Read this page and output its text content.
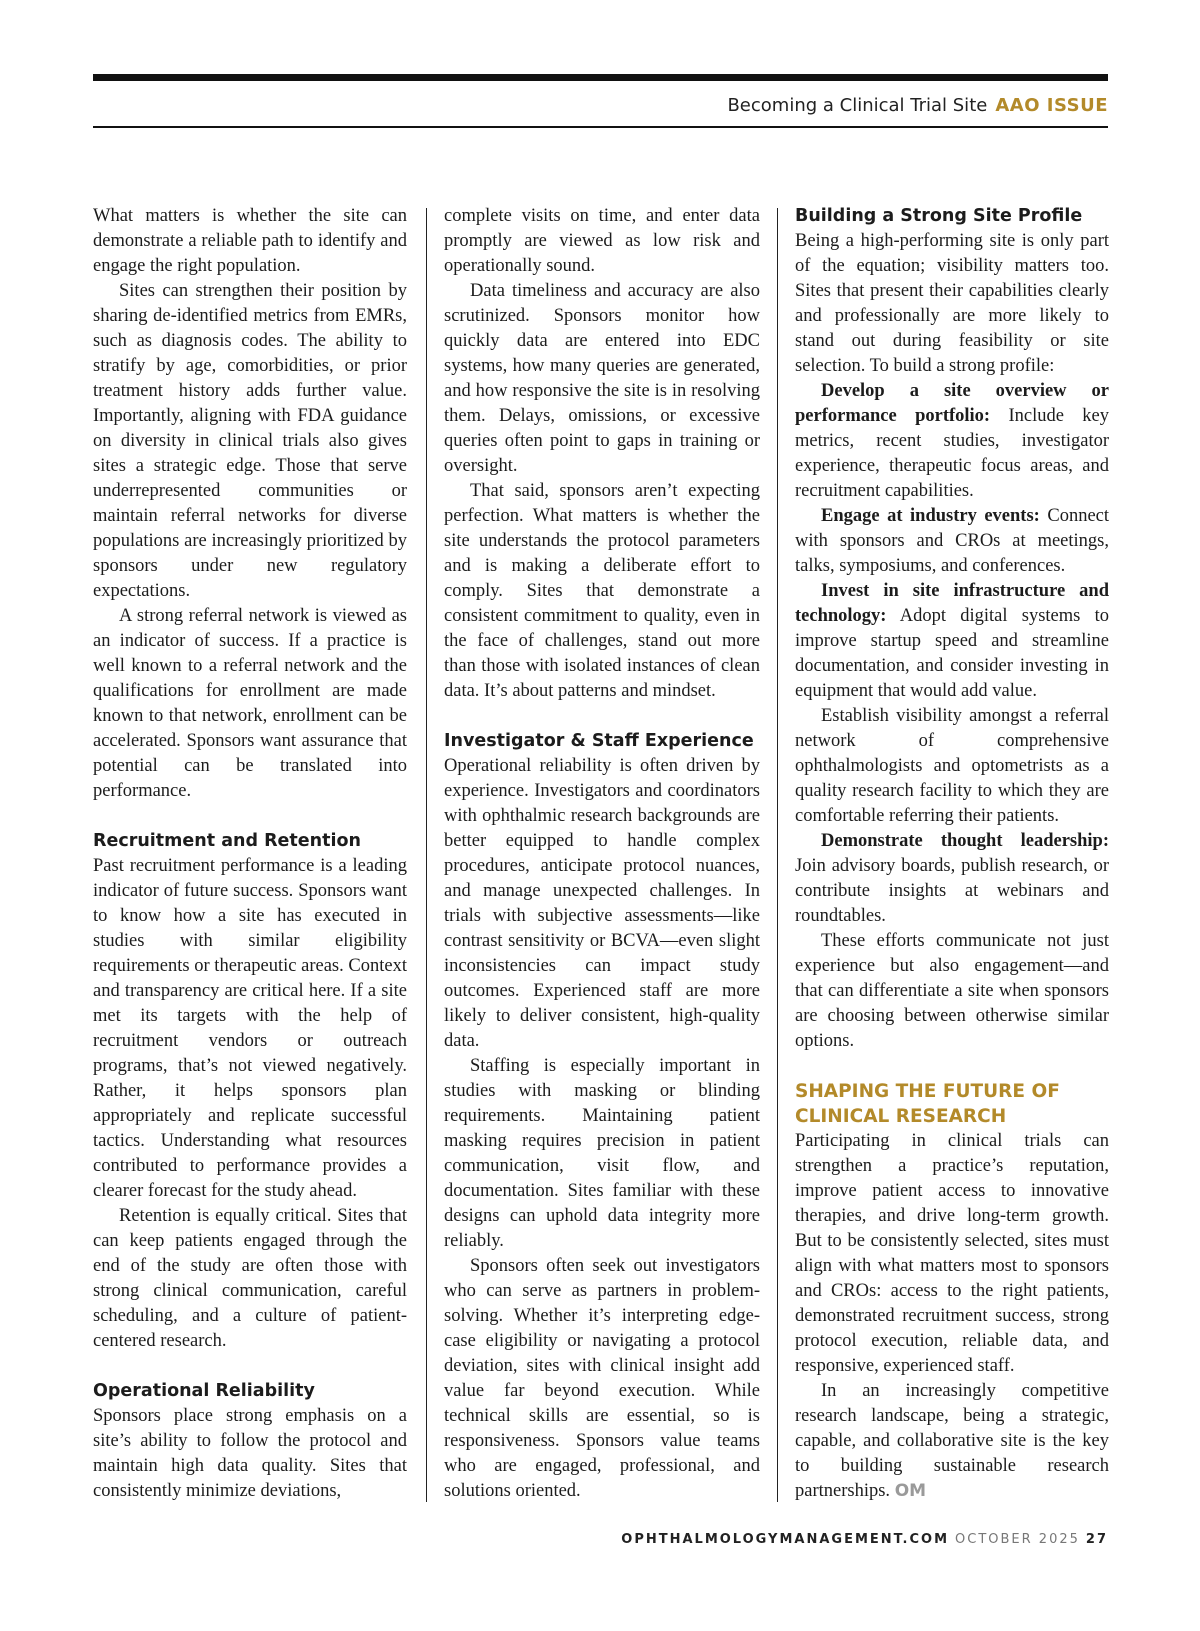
Becoming a Clinical Trial Site AAO ISSUE

What matters is whether the site can demonstrate a reliable path to identify and engage the right population.

Sites can strengthen their position by sharing de-identified metrics from EMRs, such as diagnosis codes. The ability to stratify by age, comorbidities, or prior treatment history adds further value. Importantly, aligning with FDA guidance on diversity in clinical trials also gives sites a strategic edge. Those that serve underrepresented communities or maintain referral networks for diverse populations are increasingly prioritized by sponsors under new regulatory expectations.

A strong referral network is viewed as an indicator of success. If a practice is well known to a referral network and the qualifications for enrollment are made known to that network, enrollment can be accelerated. Sponsors want assurance that potential can be translated into performance.

Recruitment and Retention

Past recruitment performance is a leading indicator of future success. Sponsors want to know how a site has executed in studies with similar eligibility requirements or therapeutic areas. Context and transparency are critical here. If a site met its targets with the help of recruitment vendors or outreach programs, that’s not viewed negatively. Rather, it helps sponsors plan appropriately and replicate successful tactics. Understanding what resources contributed to performance provides a clearer forecast for the study ahead.

Retention is equally critical. Sites that can keep patients engaged through the end of the study are often those with strong clinical communication, careful scheduling, and a culture of patient-centered research.

Operational Reliability

Sponsors place strong emphasis on a site’s ability to follow the protocol and maintain high data quality. Sites that consistently minimize deviations,

complete visits on time, and enter data promptly are viewed as low risk and operationally sound.

Data timeliness and accuracy are also scrutinized. Sponsors monitor how quickly data are entered into EDC systems, how many queries are generated, and how responsive the site is in resolving them. Delays, omissions, or excessive queries often point to gaps in training or oversight.

That said, sponsors aren’t expecting perfection. What matters is whether the site understands the protocol parameters and is making a deliberate effort to comply. Sites that demonstrate a consistent commitment to quality, even in the face of challenges, stand out more than those with isolated instances of clean data. It’s about patterns and mindset.

Investigator & Staff Experience

Operational reliability is often driven by experience. Investigators and coordinators with ophthalmic research backgrounds are better equipped to handle complex procedures, anticipate protocol nuances, and manage unexpected challenges. In trials with subjective assessments—like contrast sensitivity or BCVA—even slight inconsistencies can impact study outcomes. Experienced staff are more likely to deliver consistent, high-quality data.

Staffing is especially important in studies with masking or blinding requirements. Maintaining patient masking requires precision in patient communication, visit flow, and documentation. Sites familiar with these designs can uphold data integrity more reliably.

Sponsors often seek out investigators who can serve as partners in problem-solving. Whether it’s interpreting edge-case eligibility or navigating a protocol deviation, sites with clinical insight add value far beyond execution. While technical skills are essential, so is responsiveness. Sponsors value teams who are engaged, professional, and solutions oriented.

Building a Strong Site Profile

Being a high-performing site is only part of the equation; visibility matters too. Sites that present their capabilities clearly and professionally are more likely to stand out during feasibility or site selection. To build a strong profile:

Develop a site overview or performance portfolio: Include key metrics, recent studies, investigator experience, therapeutic focus areas, and recruitment capabilities.

Engage at industry events: Connect with sponsors and CROs at meetings, talks, symposiums, and conferences.

Invest in site infrastructure and technology: Adopt digital systems to improve startup speed and streamline documentation, and consider investing in equipment that would add value.

Establish visibility amongst a referral network of comprehensive ophthalmologists and optometrists as a quality research facility to which they are comfortable referring their patients.

Demonstrate thought leadership: Join advisory boards, publish research, or contribute insights at webinars and roundtables.

These efforts communicate not just experience but also engagement—and that can differentiate a site when sponsors are choosing between otherwise similar options.

SHAPING THE FUTURE OF CLINICAL RESEARCH

Participating in clinical trials can strengthen a practice’s reputation, improve patient access to innovative therapies, and drive long-term growth. But to be consistently selected, sites must align with what matters most to sponsors and CROs: access to the right patients, demonstrated recruitment success, strong protocol execution, reliable data, and responsive, experienced staff.

In an increasingly competitive research landscape, being a strategic, capable, and collaborative site is the key to building sustainable research partnerships. OM

OPHTHALMOLOGYMANAGEMENT.COM OCTOBER 2025 27
